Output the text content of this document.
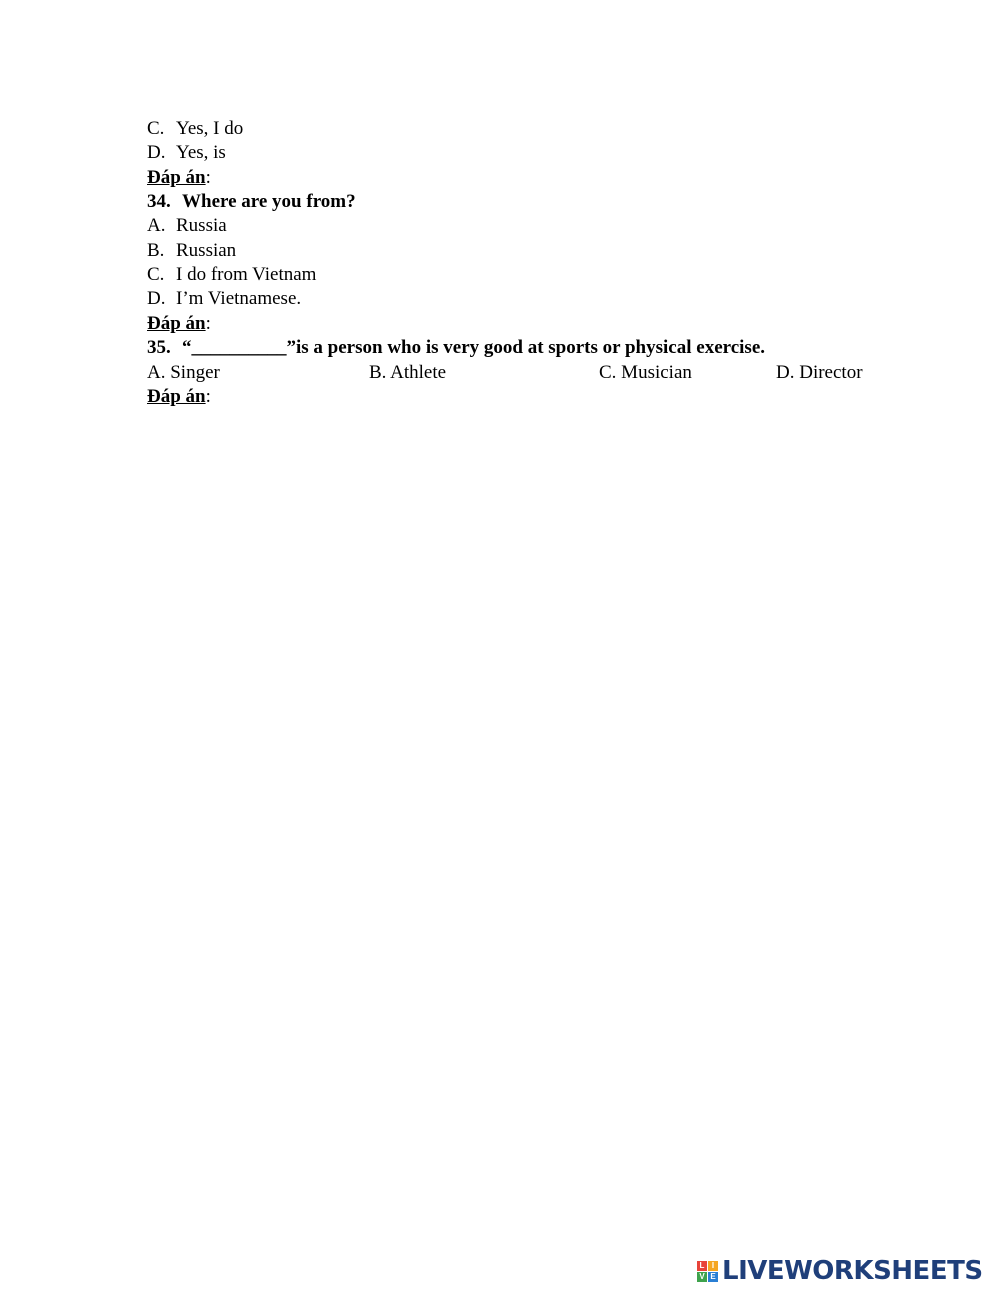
C. Yes, I do
D. Yes, is
Đáp án:
34. Where are you from?
A. Russia
B. Russian
C. I do from Vietnam
D. I’m Vietnamese.
Đáp án:
35. “__________”is a person who is very good at sports or physical exercise.
A. Singer	B. Athlete	C. Musician	D. Director
Đáp án:
L I
V E LIVEWORKSHEETS
